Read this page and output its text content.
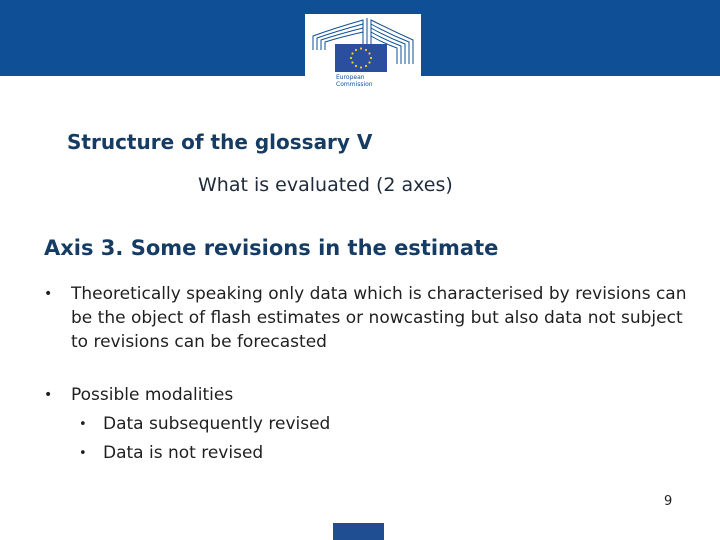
European
Commission
Structure of the glossary V

What is evaluated (2 axes)

Axis 3. Some revisions in the estimate
•	Theoretically speaking only data which is characterised by revisions can be the object of flash estimates or nowcasting but also data not subject to revisions can be forecasted
•	Possible modalities
• Data subsequently revised
• Data is not revised
9
